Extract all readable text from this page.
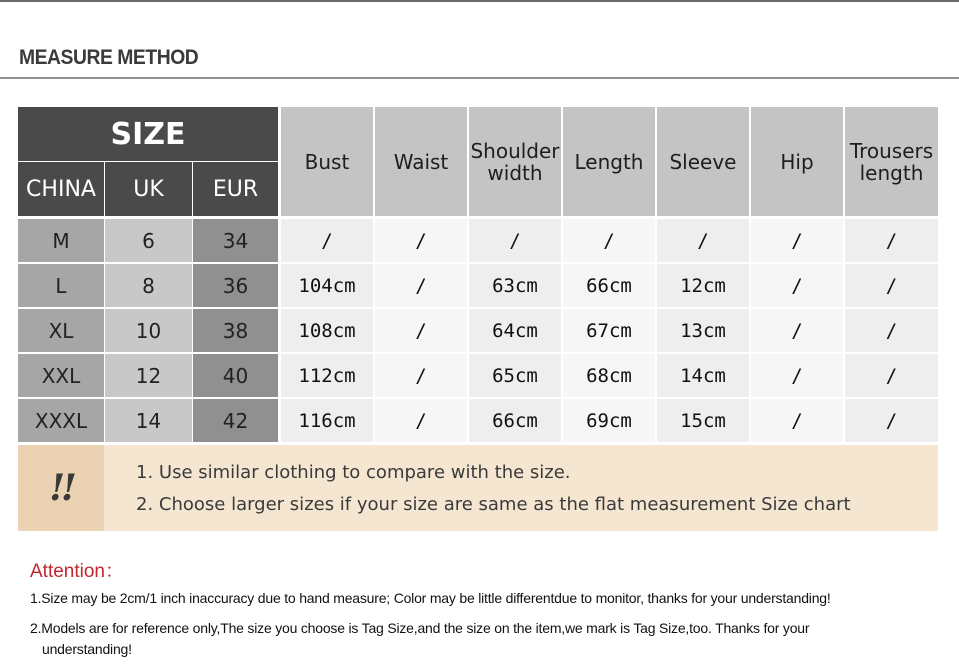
MEASURE METHOD
SIZE
CHINA	UK	EUR
Bust	Waist	Shoulder width	Length	Sleeve	Hip	Trousers length
M	6	34	/	/	/	/	/	/	/
L	8	36	104cm	/	63cm	66cm	12cm	/	/
XL	10	38	108cm	/	64cm	67cm	13cm	/	/
XXL	12	40	112cm	/	65cm	68cm	14cm	/	/
XXXL	14	42	116cm	/	66cm	69cm	15cm	/	/
!!	1. Use similar clothing to compare with the size.
2. Choose larger sizes if your size are same as the flat measurement Size chart
Attention：
1.Size may be 2cm/1 inch inaccuracy due to hand measure; Color may be little differentdue to monitor, thanks for your understanding!
2.Models are for reference only,The size you choose is Tag Size,and the size on the item,we mark is Tag Size,too. Thanks for your
understanding!
